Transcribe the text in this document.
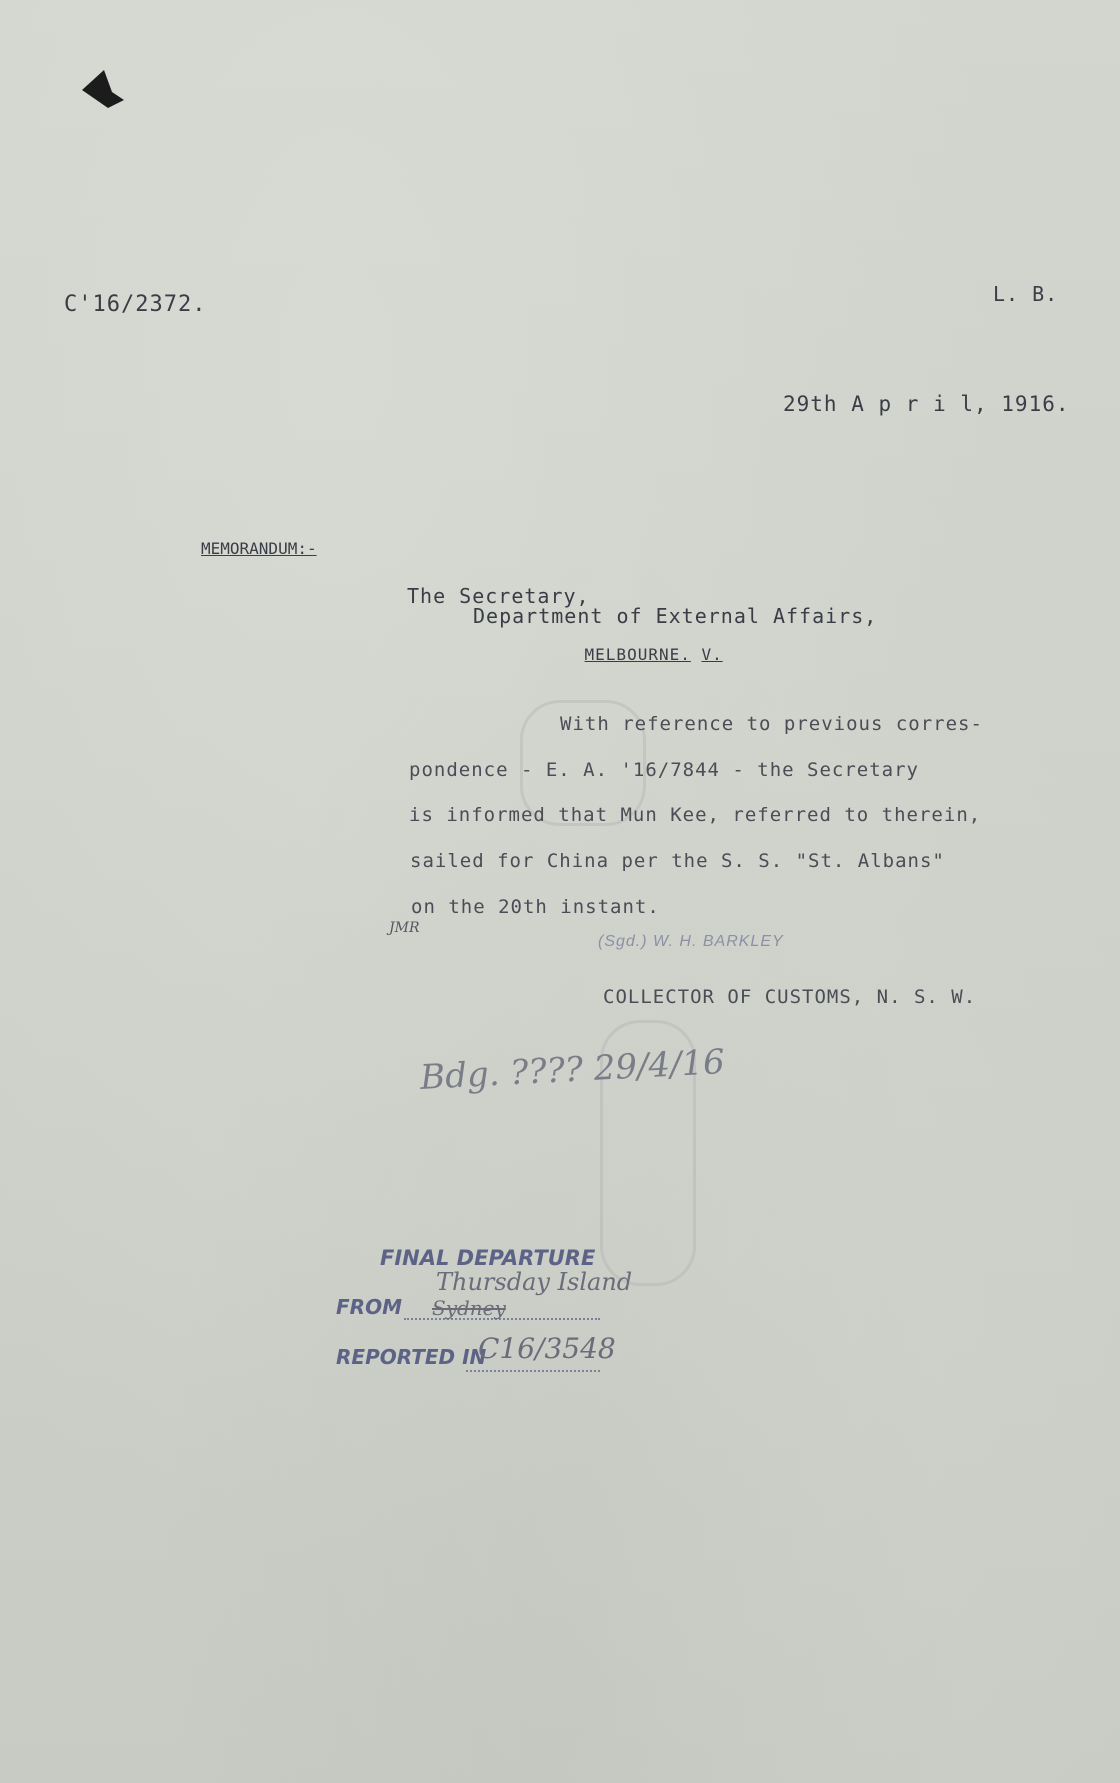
C'16/2372.	L. B.
29th A p r i l, 1916.
MEMORANDUM:-
The Secretary,
Department of External Affairs,

MELBOURNE. V.

With reference to previous corres-
pondence - E. A. '16/7844 - the Secretary
is informed that Mun Kee, referred to therein,
sailed for China per the S. S. "St. Albans"
on the 20th instant.
JMR
(Sgd.) W. H. BARKLEY
COLLECTOR OF CUSTOMS, N. S. W.
Bdg. ???? 29/4/16
FINAL DEPARTURE
FROM Sydney
Thursday Island
REPORTED IN
C16/3548
